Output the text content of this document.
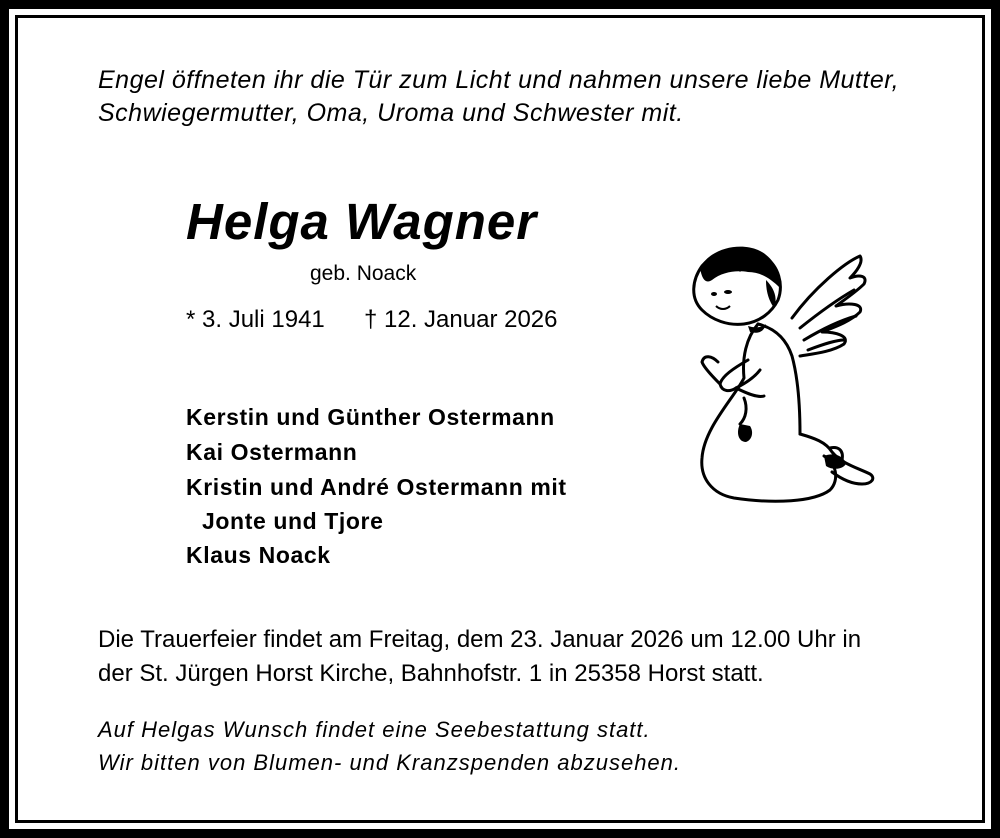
Engel öffneten ihr die Tür zum Licht und nahmen unsere liebe Mutter,
Schwiegermutter, Oma, Uroma und Schwester mit.
Helga Wagner
geb. Noack
* 3. Juli 1941 † 12. Januar 2026
Kerstin und Günther Ostermann
Kai Ostermann
Kristin und André Ostermann mit
Jonte und Tjore
Klaus Noack
Die Trauerfeier findet am Freitag, dem 23. Januar 2026 um 12.00 Uhr in
der St. Jürgen Horst Kirche, Bahnhofstr. 1 in 25358 Horst statt.
Auf Helgas Wunsch findet eine Seebestattung statt.
Wir bitten von Blumen- und Kranzspenden abzusehen.
